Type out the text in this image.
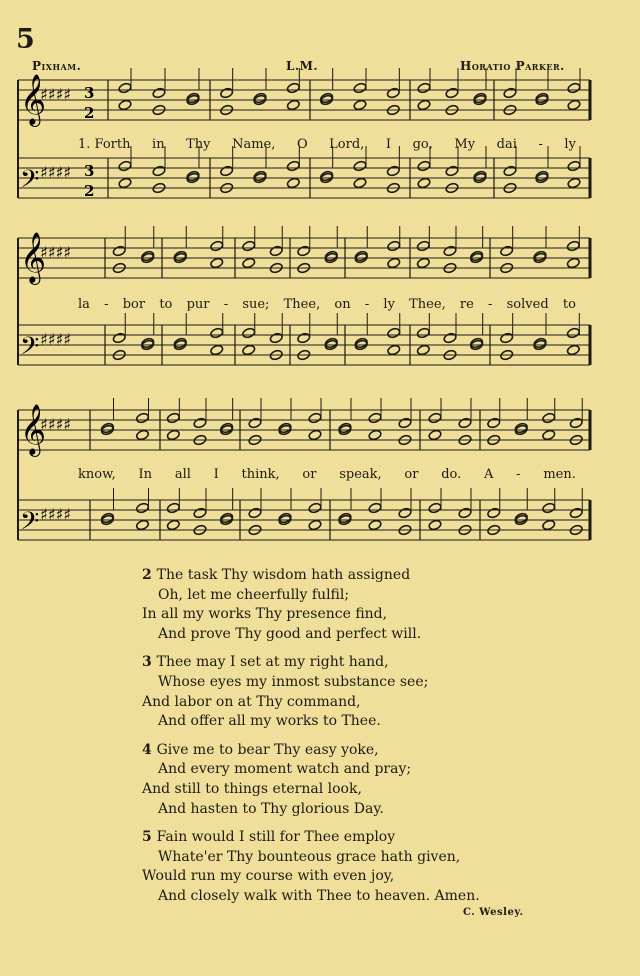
5
Pixham.	L.M.	Horatio Parker.
𝄞
♯♯♯♯ 3
2
𝄢 ♯♯♯♯ 3
2
𝄞
♯♯♯♯
𝄢 ♯♯♯♯
𝄞
♯♯♯♯
𝄢 ♯♯♯♯
1. Forth in Thy Name, O Lord, I go, My dai - ly
la - bor to pur - sue; Thee, on - ly Thee, re - solved to
know, In all I think, or speak, or do. A - men.
2 The task Thy wisdom hath assigned
Oh, let me cheerfully fulfil;
In all my works Thy presence find,
And prove Thy good and perfect will.
3 Thee may I set at my right hand,
Whose eyes my inmost substance see;
And labor on at Thy command,
And offer all my works to Thee.
4 Give me to bear Thy easy yoke,
And every moment watch and pray;
And still to things eternal look,
And hasten to Thy glorious Day.
5 Fain would I still for Thee employ
Whate'er Thy bounteous grace hath given,
Would run my course with even joy,
And closely walk with Thee to heaven. Amen.
C. Wesley.
